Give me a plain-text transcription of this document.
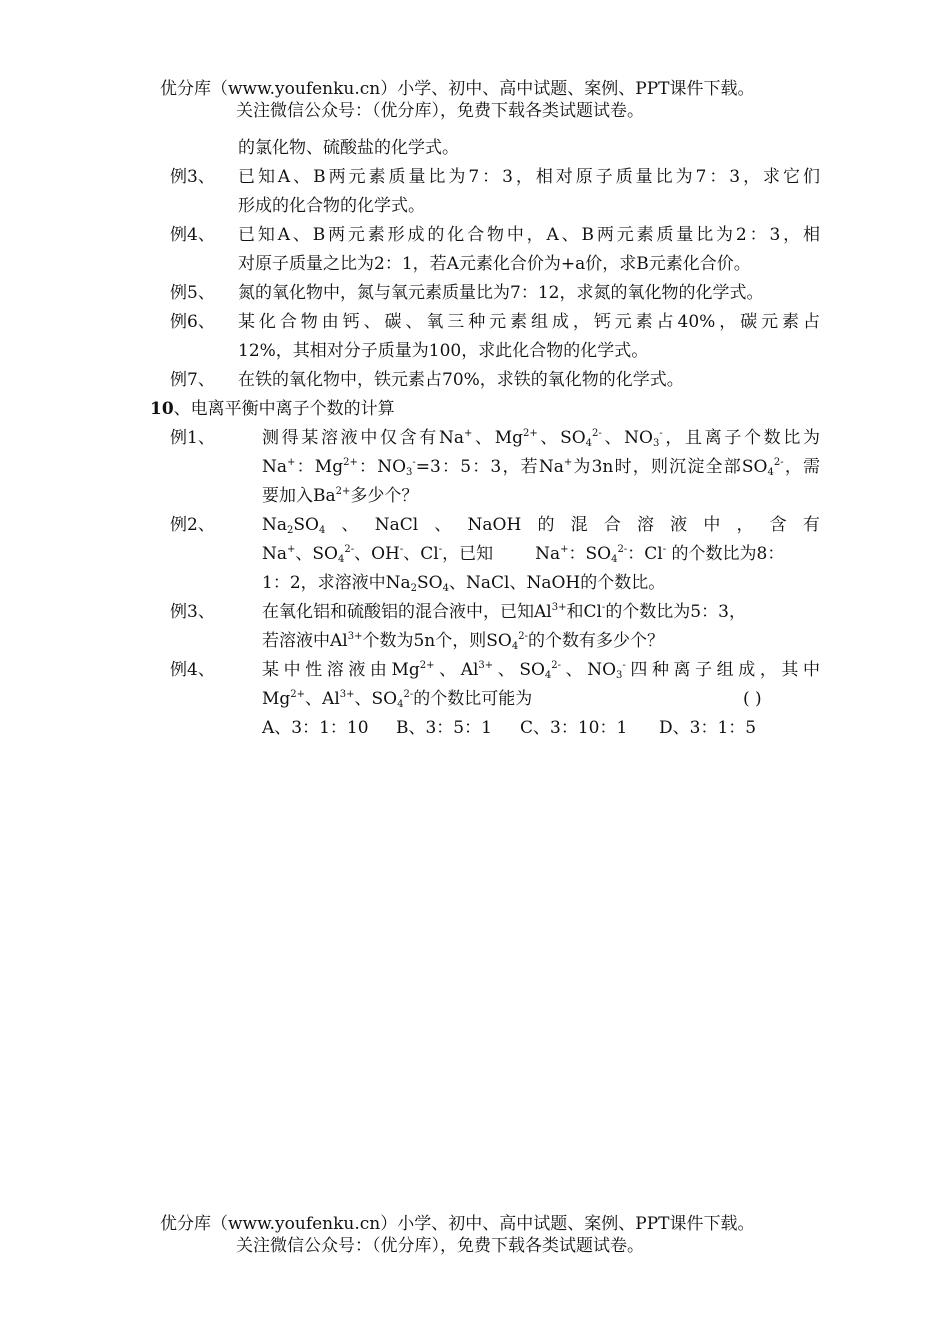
优分库（www.youfenku.cn）小学、初中、高中试题、案例、PPT课件下载。
关注微信公众号：（优分库），免费下载各类试题试卷。
的氯化物、硫酸盐的化学式。
例3、 已知A、B两元素质量比为7：3，相对原子质量比为7：3，求它们
形成的化合物的化学式。
例4、 已知A、B两元素形成的化合物中，A、B两元素质量比为2：3，相
对原子质量之比为2：1，若A元素化合价为+a价，求B元素化合价。
例5、 氮的氧化物中，氮与氧元素质量比为7：12，求氮的氧化物的化学式。
例6、 某化合物由钙、碳、氧三种元素组成，钙元素占40%，碳元素占
12%，其相对分子质量为100，求此化合物的化学式。
例7、 在铁的氧化物中，铁元素占70%，求铁的氧化物的化学式。
10、电离平衡中离子个数的计算
例1、	测得某溶液中仅含有Na+、$Mg^{2+}$、$SO_4^{2-}$、$NO_3^-$，且离子个数比为
Na+：$Mg^{2+}$：$NO_3^-=3$：5：3，若Na+为3n时，则沉淀全部$SO_4^{2-}$，需
要加入$Ba^{2+}$多少个？
例2、	$Na_2SO_4$ 、 NaCl 、 NaOH 的 混 合 溶 液 中 ， 含 有
Na+、$SO_4^{2-}$、OH-、Cl-，已知 Na+：$SO_4^{2-}$：Cl- 的个数比为8：
1：2，求溶液中$Na_2SO_4$、NaCl、NaOH的个数比。
例3、	在氧化铝和硫酸铝的混合液中，已知$Al^{3+}$和Cl-的个数比为5：3，
若溶液中$Al^{3+}$个数为5n个，则$SO_4^{2-}$的个数有多少个？
例4、	某中性溶液由$Mg^{2+}$、$Al^{3+}$、$SO_4^{2-}$、$NO_3^-$四种离子组成，其中
$Mg^{2+}$、$Al^{3+}$、$SO_4^{2-}$的个数比可能为	( )
A、3：1：10 B、3：5：1 C、3：10：1 D、3：1：5
优分库（www.youfenku.cn）小学、初中、高中试题、案例、PPT课件下载。
关注微信公众号：（优分库），免费下载各类试题试卷。
